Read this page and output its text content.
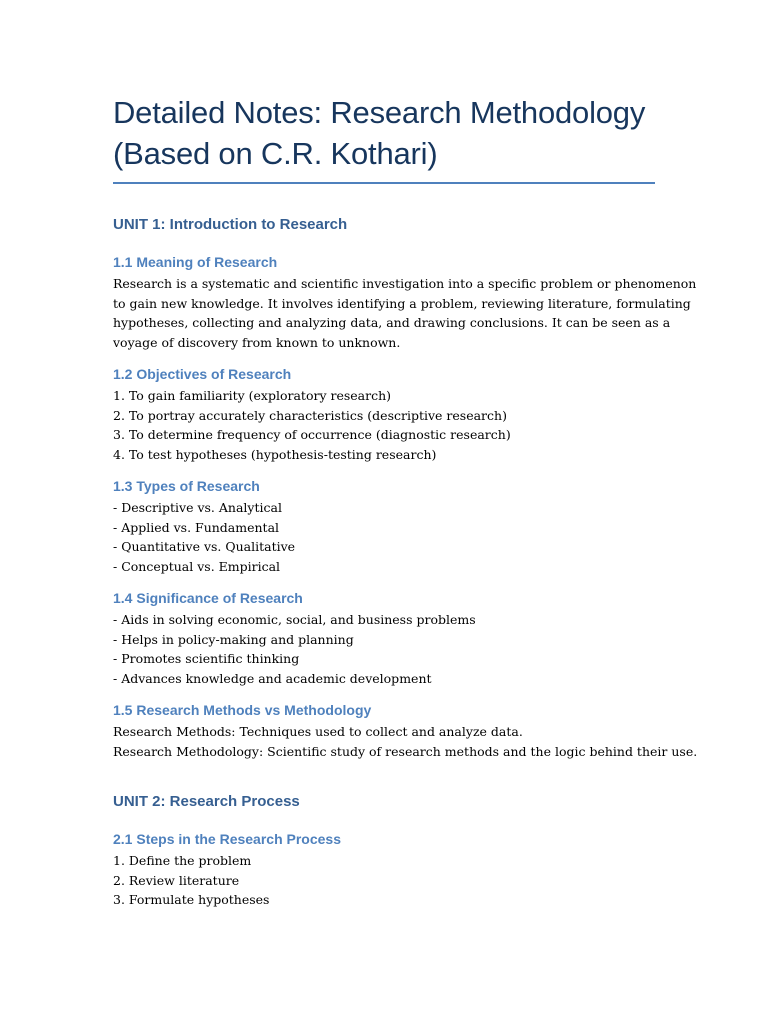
Detailed Notes: Research Methodology
(Based on C.R. Kothari)
UNIT 1: Introduction to Research
1.1 Meaning of Research
Research is a systematic and scientific investigation into a specific problem or phenomenon
to gain new knowledge. It involves identifying a problem, reviewing literature, formulating
hypotheses, collecting and analyzing data, and drawing conclusions. It can be seen as a
voyage of discovery from known to unknown.
1.2 Objectives of Research

1. To gain familiarity (exploratory research)

2. To portray accurately characteristics (descriptive research)

3. To determine frequency of occurrence (diagnostic research)

4. To test hypotheses (hypothesis-testing research)

1.3 Types of Research

- Descriptive vs. Analytical

- Applied vs. Fundamental

- Quantitative vs. Qualitative

- Conceptual vs. Empirical

1.4 Significance of Research

- Aids in solving economic, social, and business problems

- Helps in policy-making and planning

- Promotes scientific thinking

- Advances knowledge and academic development

1.5 Research Methods vs Methodology

Research Methods: Techniques used to collect and analyze data.

Research Methodology: Scientific study of research methods and the logic behind their use.

UNIT 2: Research Process
2.1 Steps in the Research Process

1. Define the problem

2. Review literature

3. Formulate hypotheses
